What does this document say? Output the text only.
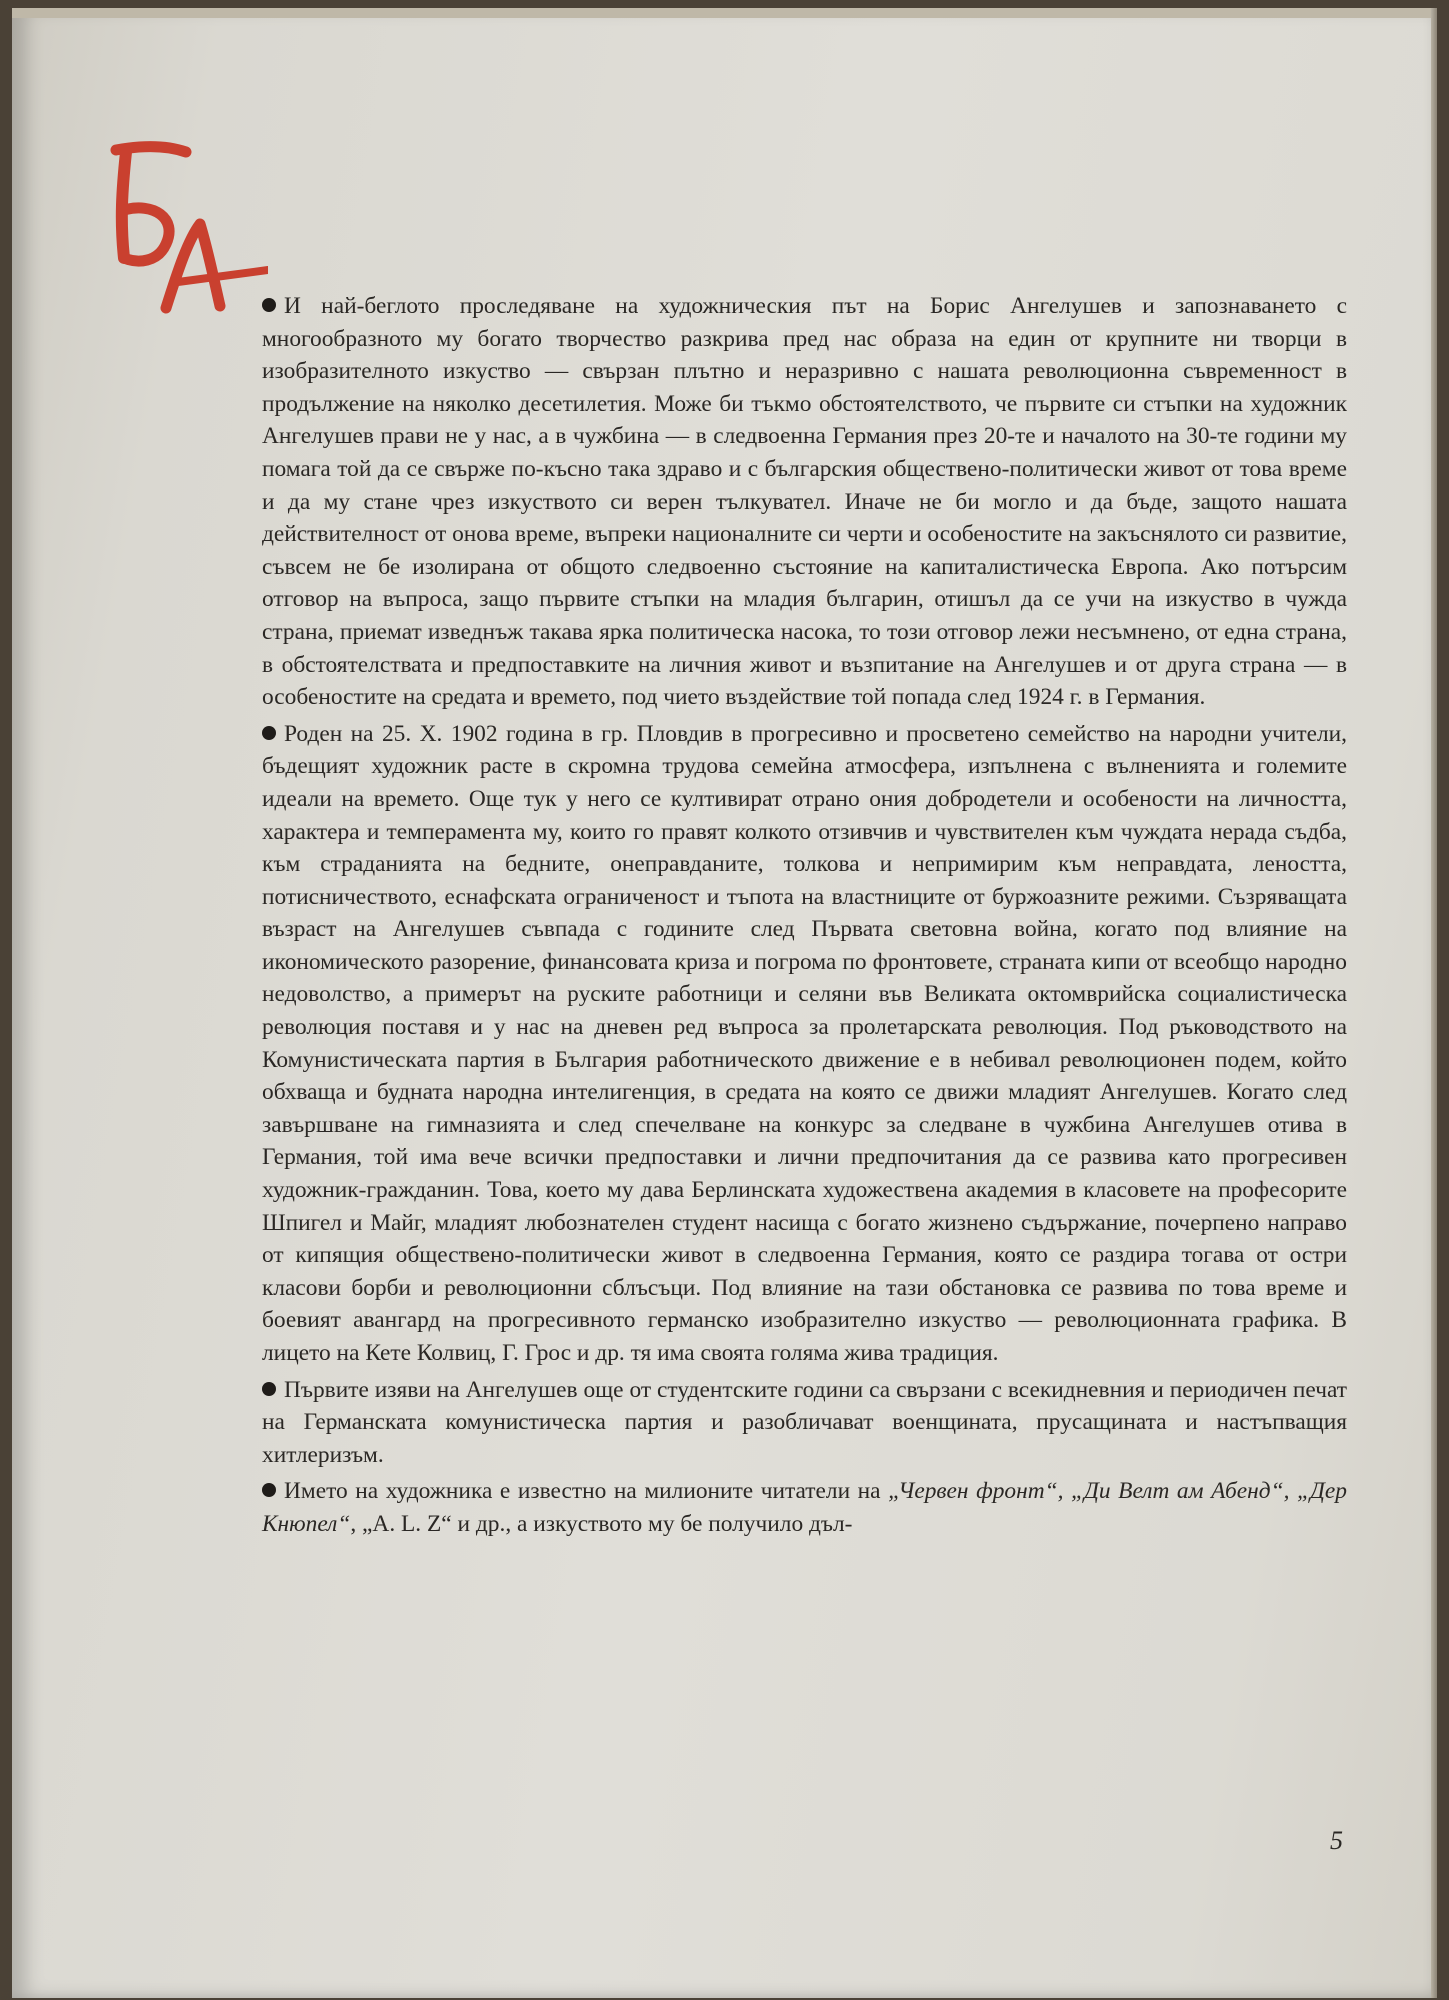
И най-беглото проследяване на художническия път на Борис Ангелушев и запознаването с многообразното му богато творчество разкрива пред нас образа на един от крупните ни творци в изобразителното изкуство — свързан плътно и неразривно с нашата революционна съвременност в продължение на няколко десетилетия. Може би тъкмо обстоятелството, че първите си стъпки на художник Ангелушев прави не у нас, а в чужбина — в следвоенна Германия през 20-те и началото на 30-те години му помага той да се свърже по-късно така здраво и с българския обществено-политически живот от това време и да му стане чрез изкуството си верен тълкувател. Иначе не би могло и да бъде, защото нашата действителност от онова време, въпреки националните си черти и особеностите на закъснялото си развитие, съвсем не бе изолирана от общото следвоенно състояние на капиталистическа Европа. Ако потърсим отговор на въпроса, защо първите стъпки на младия българин, отишъл да се учи на изкуство в чужда страна, приемат изведнъж такава ярка политическа насока, то този отговор лежи несъмнено, от една страна, в обстоятелствата и предпоставките на личния живот и възпитание на Ангелушев и от друга страна — в особеностите на средата и времето, под чието въздействие той попада след 1924 г. в Германия.

Роден на 25. X. 1902 година в гр. Пловдив в прогресивно и просветено семейство на народни учители, бъдещият художник расте в скромна трудова семейна атмосфера, изпълнена с вълненията и големите идеали на времето. Още тук у него се култивират отрано ония добродетели и особености на личността, характера и темперамента му, които го правят колкото отзивчив и чувствителен към чуждата нерада съдба, към страданията на бедните, онеправданите, толкова и непримирим към неправдата, леността, потисничеството, еснафската ограниченост и тъпота на властниците от буржоазните режими. Съзряващата възраст на Ангелушев съвпада с годините след Първата световна война, когато под влияние на икономическото разорение, финансовата криза и погрома по фронтовете, страната кипи от всеобщо народно недоволство, а примерът на руските работници и селяни във Великата октомврийска социалистическа революция поставя и у нас на дневен ред въпроса за пролетарската революция. Под ръководството на Комунистическата партия в България работническото движение е в небивал революционен подем, който обхваща и будната народна интелигенция, в средата на която се движи младият Ангелушев. Когато след завършване на гимназията и след спечелване на конкурс за следване в чужбина Ангелушев отива в Германия, той има вече всички предпоставки и лични предпочитания да се развива като прогресивен художник-гражданин. Това, което му дава Берлинската художествена академия в класовете на професорите Шпигел и Майг, младият любознателен студент насища с богато жизнено съдържание, почерпено направо от кипящия обществено-политически живот в следвоенна Германия, която се раздира тогава от остри класови борби и революционни сблъсъци. Под влияние на тази обстановка се развива по това време и боевият авангард на прогресивното германско изобразително изкуство — революционната графика. В лицето на Кете Колвиц, Г. Грос и др. тя има своята голяма жива традиция.

Първите изяви на Ангелушев още от студентските години са свързани с всекидневния и периодичен печат на Германската комунистическа партия и разобличават военщината, прусащината и настъпващия хитлеризъм.

Името на художника е известно на милионите читатели на „Червен фронт“, „Ди Велт ам Абенд“, „Дер Кнюпел“, „A. L. Z“ и др., а изкуството му бе получило дъл-

5
